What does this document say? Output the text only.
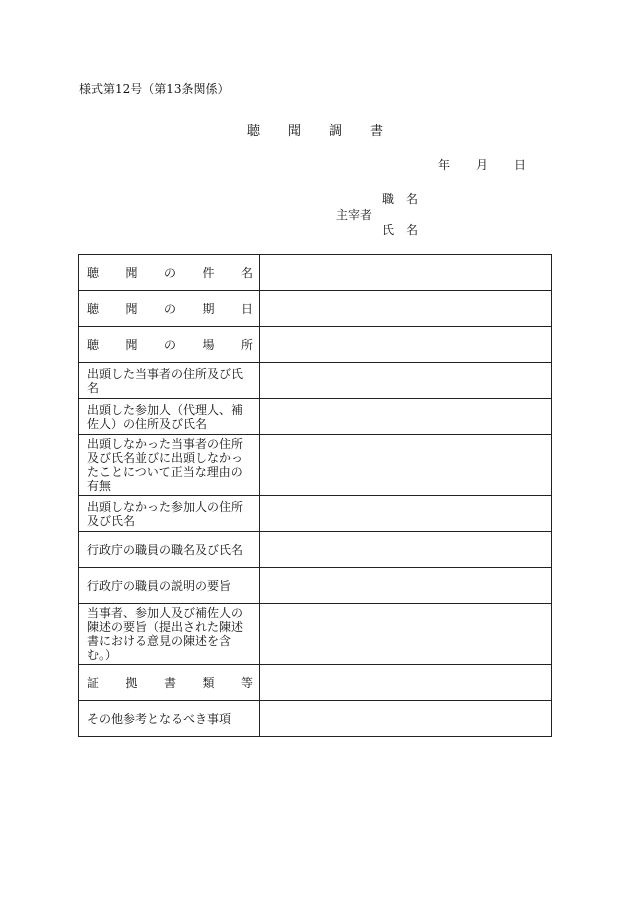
様式第12号（第13条関係）
聴聞調書
年 月 日
主宰者
職名
氏名
聴 聞 の 件 名	

聴 聞 の 期 日	

聴 聞 の 場 所	

出頭した当事者の住所及び氏名	

出頭した参加人（代理人、補佐人）の住所及び氏名	

出頭しなかった当事者の住所及び氏名並びに出頭しなかったことについて正当な理由の有無	

出頭しなかった参加人の住所及び氏名	

行政庁の職員の職名及び氏名	

行政庁の職員の説明の要旨	

当事者、参加人及び補佐人の陳述の要旨（提出された陳述書における意見の陳述を含む。）	

証 拠 書 類 等	

その他参考となるべき事項	
